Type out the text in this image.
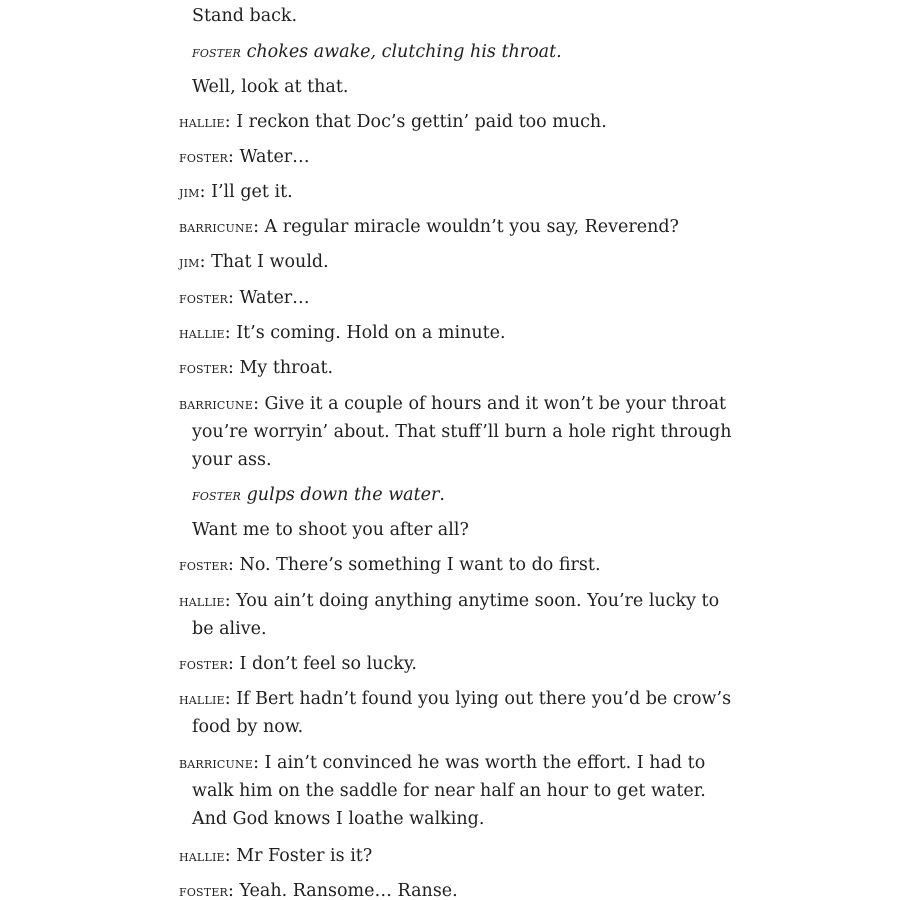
Stand back.

foster chokes awake, clutching his throat.

Well, look at that.

hallie: I reckon that Doc’s gettin’ paid too much.

foster: Water…

jim: I’ll get it.

barricune: A regular miracle wouldn’t you say, Reverend?

jim: That I would.

foster: Water…

hallie: It’s coming. Hold on a minute.

foster: My throat.

barricune: Give it a couple of hours and it won’t be your throat you’re worryin’ about. That stuff’ll burn a hole right through your ass.

foster gulps down the water.

Want me to shoot you after all?

foster: No. There’s something I want to do first.

hallie: You ain’t doing anything anytime soon. You’re lucky to be alive.

foster: I don’t feel so lucky.

hallie: If Bert hadn’t found you lying out there you’d be crow’s food by now.

barricune: I ain’t convinced he was worth the effort. I had to walk him on the saddle for near half an hour to get water. And God knows I loathe walking.

hallie: Mr Foster is it?

foster: Yeah. Ransome… Ranse.
